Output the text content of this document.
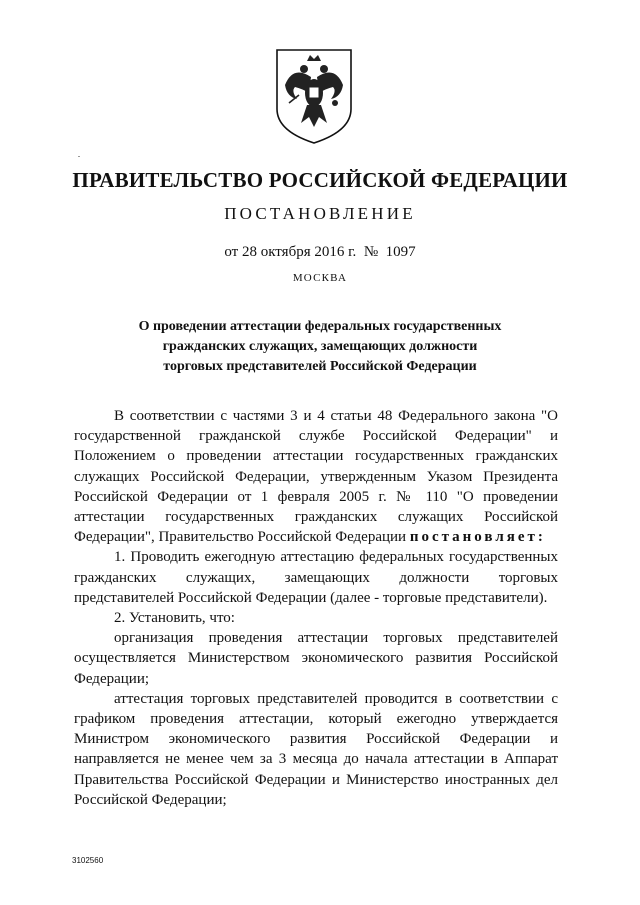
ПРАВИТЕЛЬСТВО РОССИЙСКОЙ ФЕДЕРАЦИИ
ПОСТАНОВЛЕНИЕ
от 28 октября 2016 г. № 1097
МОСКВА
О проведении аттестации федеральных государственных
гражданских служащих, замещающих должности
торговых представителей Российской Федерации

В соответствии с частями 3 и 4 статьи 48 Федерального закона "О государственной гражданской службе Российской Федерации" и Положением о проведении аттестации государственных гражданских служащих Российской Федерации, утвержденным Указом Президента Российской Федерации от 1 февраля 2005 г. № 110 "О проведении аттестации государственных гражданских служащих Российской Федерации", Правительство Российской Федерации постановляет:

1. Проводить ежегодную аттестацию федеральных государственных гражданских служащих, замещающих должности торговых представителей Российской Федерации (далее - торговые представители).

2. Установить, что:

организация проведения аттестации торговых представителей осуществляется Министерством экономического развития Российской Федерации;

аттестация торговых представителей проводится в соответствии с графиком проведения аттестации, который ежегодно утверждается Министром экономического развития Российской Федерации и направляется не менее чем за 3 месяца до начала аттестации в Аппарат Правительства Российской Федерации и Министерство иностранных дел Российской Федерации;

3102560
